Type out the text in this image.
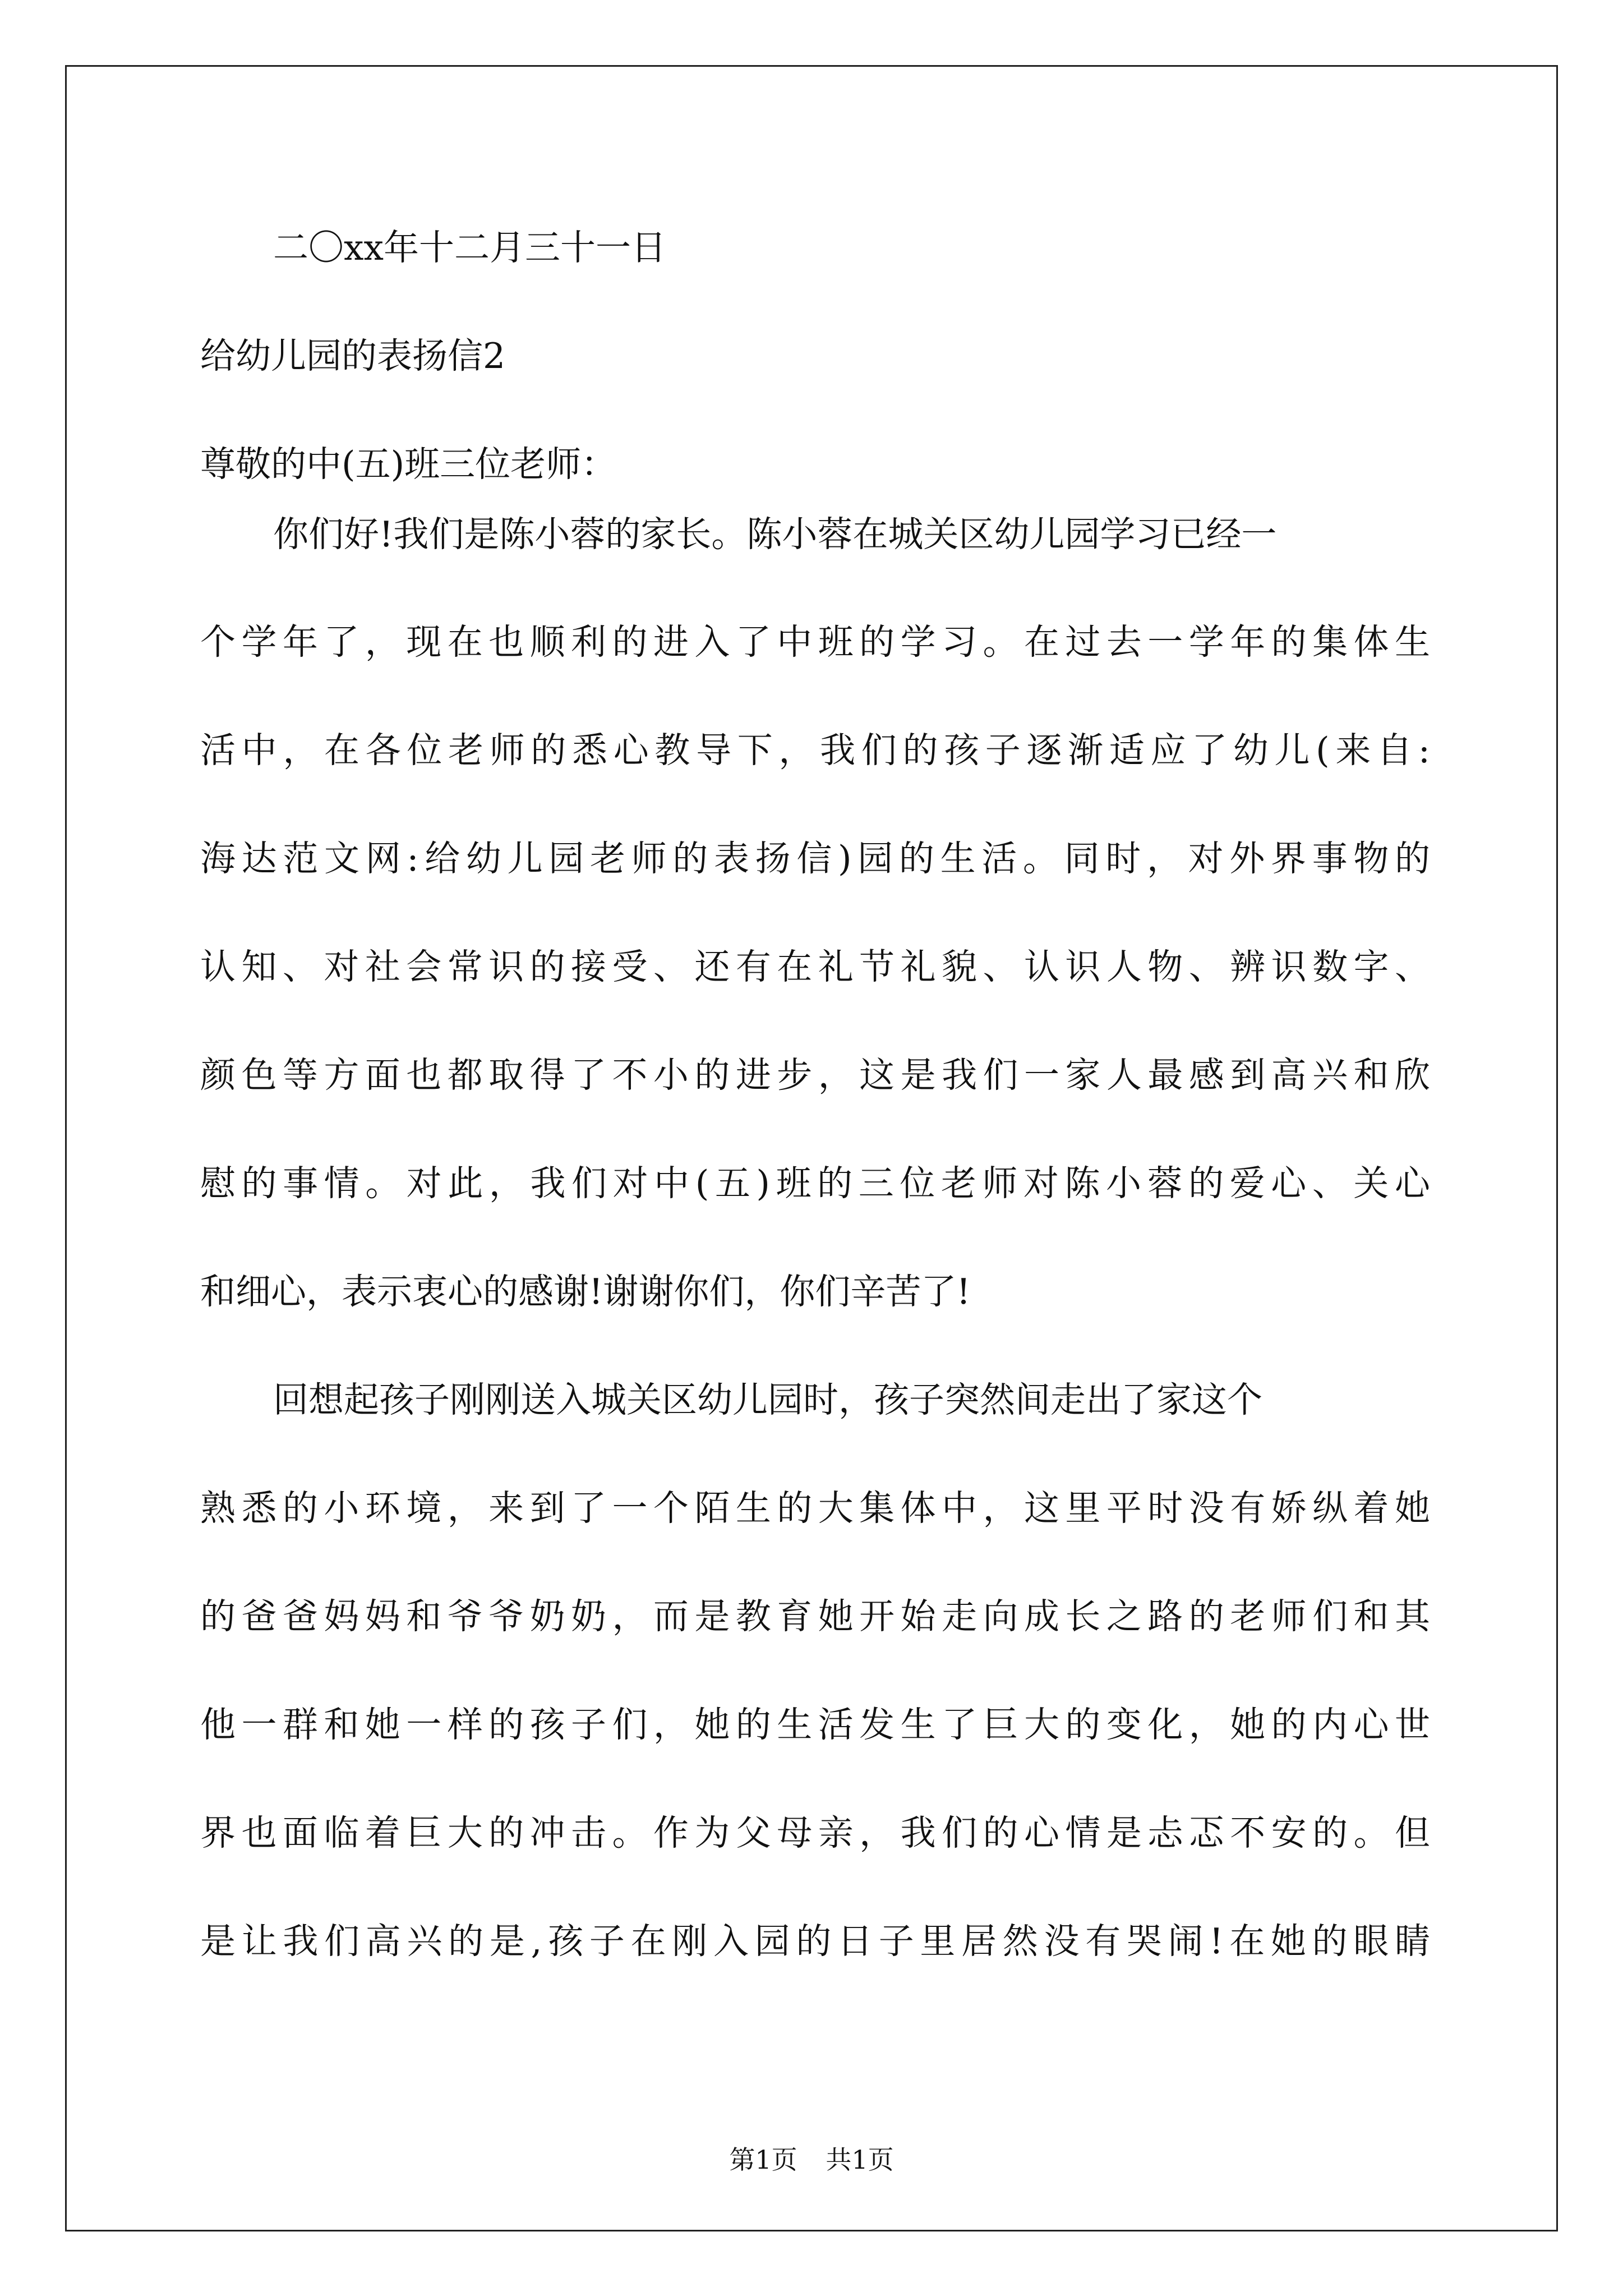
二〇xx年十二月三十一日
给幼儿园的表扬信2
尊敬的中(五)班三位老师：
你们好!我们是陈小蓉的家长。陈小蓉在城关区幼儿园学习已经一
个学年了，现在也顺利的进入了中班的学习。在过去一学年的集体生
活中，在各位老师的悉心教导下，我们的孩子逐渐适应了幼儿(来自:
海达范文网:给幼儿园老师的表扬信)园的生活。同时，对外界事物的
认知、对社会常识的接受、还有在礼节礼貌、认识人物、辨识数字、
颜色等方面也都取得了不小的进步，这是我们一家人最感到高兴和欣
慰的事情。对此，我们对中(五)班的三位老师对陈小蓉的爱心、关心
和细心，表示衷心的感谢!谢谢你们，你们辛苦了!
回想起孩子刚刚送入城关区幼儿园时，孩子突然间走出了家这个
熟悉的小环境，来到了一个陌生的大集体中，这里平时没有娇纵着她
的爸爸妈妈和爷爷奶奶，而是教育她开始走向成长之路的老师们和其
他一群和她一样的孩子们，她的生活发生了巨大的变化，她的内心世
界也面临着巨大的冲击。作为父母亲，我们的心情是忐忑不安的。但
是让我们高兴的是,孩子在刚入园的日子里居然没有哭闹!在她的眼睛
第1页 共1页
